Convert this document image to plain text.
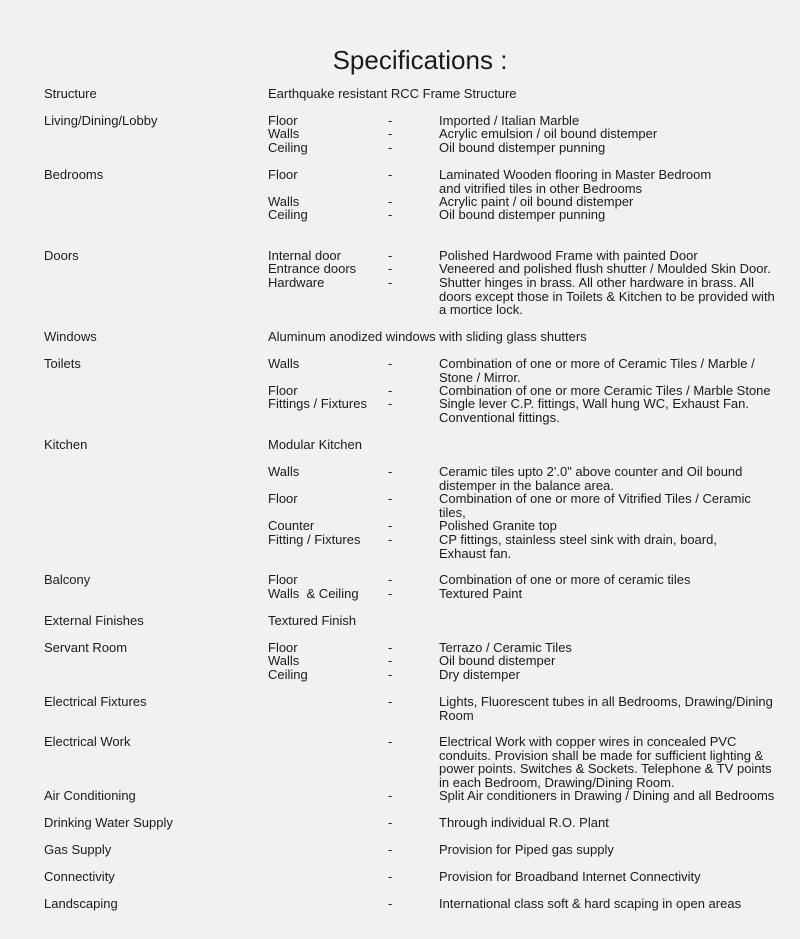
Specifications :
Structure	Earthquake resistant RCC Frame Structure
Living/Dining/Lobby	Floor	-	Imported / Italian Marble
Walls	-	Acrylic emulsion / oil bound distemper
Ceiling	-	Oil bound distemper punning
Bedrooms	Floor	-	Laminated Wooden flooring in Master Bedroom
and vitrified tiles in other Bedrooms
Walls	-	Acrylic paint / oil bound distemper
Ceiling	-	Oil bound distemper punning
Doors	Internal door	-	Polished Hardwood Frame with painted Door
Entrance doors -	Veneered and polished flush shutter / Moulded Skin Door.
Hardware	-	Shutter hinges in brass. All other hardware in brass. All
doors except those in Toilets & Kitchen to be provided with
a mortice lock.
Windows	Aluminum anodized windows with sliding glass shutters
Toilets	Walls	-	Combination of one or more of Ceramic Tiles / Marble /
Stone / Mirror.
Floor	-	Combination of one or more Ceramic Tiles / Marble Stone
Fittings / Fixtures -	Single lever C.P. fittings, Wall hung WC, Exhaust Fan.
Conventional fittings.
Kitchen	Modular Kitchen
Walls	-	Ceramic tiles upto 2'.0" above counter and Oil bound
distemper in the balance area.
Floor	-	Combination of one or more of Vitrified Tiles / Ceramic
tiles,
Counter	-	Polished Granite top
Fitting / Fixtures -	CP fittings, stainless steel sink with drain, board,
Exhaust fan.
Balcony	Floor	-	Combination of one or more of ceramic tiles
Walls  & Ceiling -	Textured Paint
External Finishes	Textured Finish
Servant Room	Floor	-	Terrazo / Ceramic Tiles
Walls	-	Oil bound distemper
Ceiling	-	Dry distemper
Electrical Fixtures	-	Lights, Fluorescent tubes in all Bedrooms, Drawing/Dining
Room
Electrical Work	-	Electrical Work with copper wires in concealed PVC
conduits. Provision shall be made for sufficient lighting &
power points. Switches & Sockets. Telephone & TV points
in each Bedroom, Drawing/Dining Room.
Air Conditioning	-	Split Air conditioners in Drawing / Dining and all Bedrooms
Drinking Water Supply	-	Through individual R.O. Plant
Gas Supply	-	Provision for Piped gas supply
Connectivity	-	Provision for Broadband Internet Connectivity
Landscaping	-	International class soft & hard scaping in open areas
